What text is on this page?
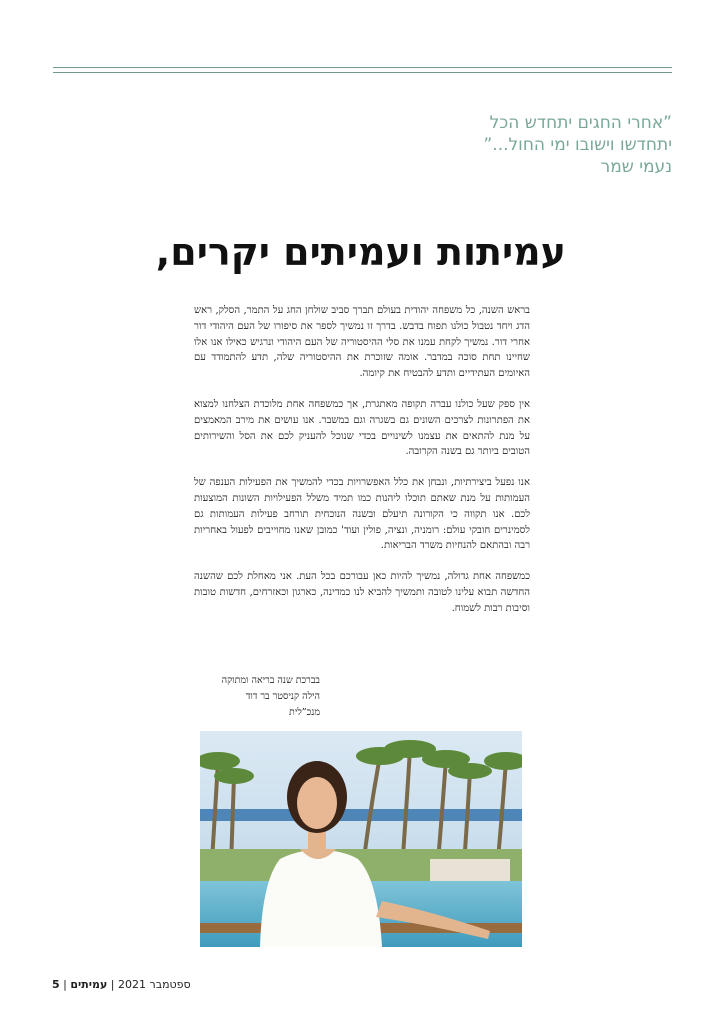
”אחרי החגים יתחדש הכל
יתחדשו וישובו ימי החול...”
נעמי שמר
עמיתות ועמיתים יקרים,

בראש השנה, כל משפחה יהודית בעולם תברך סביב שולחן החג על התמר, הסלק, ראש הדג ויחד נטבול כולנו תפוח בדבש. בדרך זו נמשיך לספר את סיפורו של העם היהודי דור אחרי דור. נמשיך לקחת עמנו את סלי ההיסטוריה של העם היהודי ונרגיש כאילו אנו אלו שחיינו תחת סוכה במדבר. אומה שזוכרת את ההיסטוריה שלה, תדע להתמודד עם האיומים העתידיים ותדע להבטיח את קיומה.

אין ספק שעל כולנו עברה תקופה מאתגרת, אך כמשפחה אחת מלוכדת הצלחנו למצוא את הפתרונות לצרכים השונים גם בשגרה וגם במשבר. אנו עושים את מירב המאמצים על מנת להתאים את עצמנו לשינויים בכדי שנוכל להעניק לכם את הסל והשירותים הטובים ביותר גם בשנה הקרובה.

אנו נפעל ביצירתיות, ונבחן את כלל האפשרויות בכדי להמשיך את הפעילות הענפה של העמותות על מנת שאתם תוכלו ליהנות כמו תמיד משלל הפעילויות השונות המוצעות לכם. אנו תקווה כי הקורונה תיעלם ובשנה הנוכחית תורחב פעילות העמותות גם לסמינרים חובקי עולם: רומניה, ונציה, פולין ועוד' כמובן שאנו מחוייבים לפעול באחריות רבה ובהתאם להנחיות משרד הבריאות.

כמשפחה אחת גדולה, נמשיך להיות כאן עבורכם בכל העת. אני מאחלת לכם שהשנה החדשה תבוא עלינו לטובה ותמשיך להביא לנו כמדינה, כארגון וכאזרחים, חדשות טובות וסיבות רבות לשמוח.

בברכת שנה בריאה ומתוקה
הילה קניסטר בר דוד
מנכ”לית
5 |	ספטמבר 2021 | עמיתים
